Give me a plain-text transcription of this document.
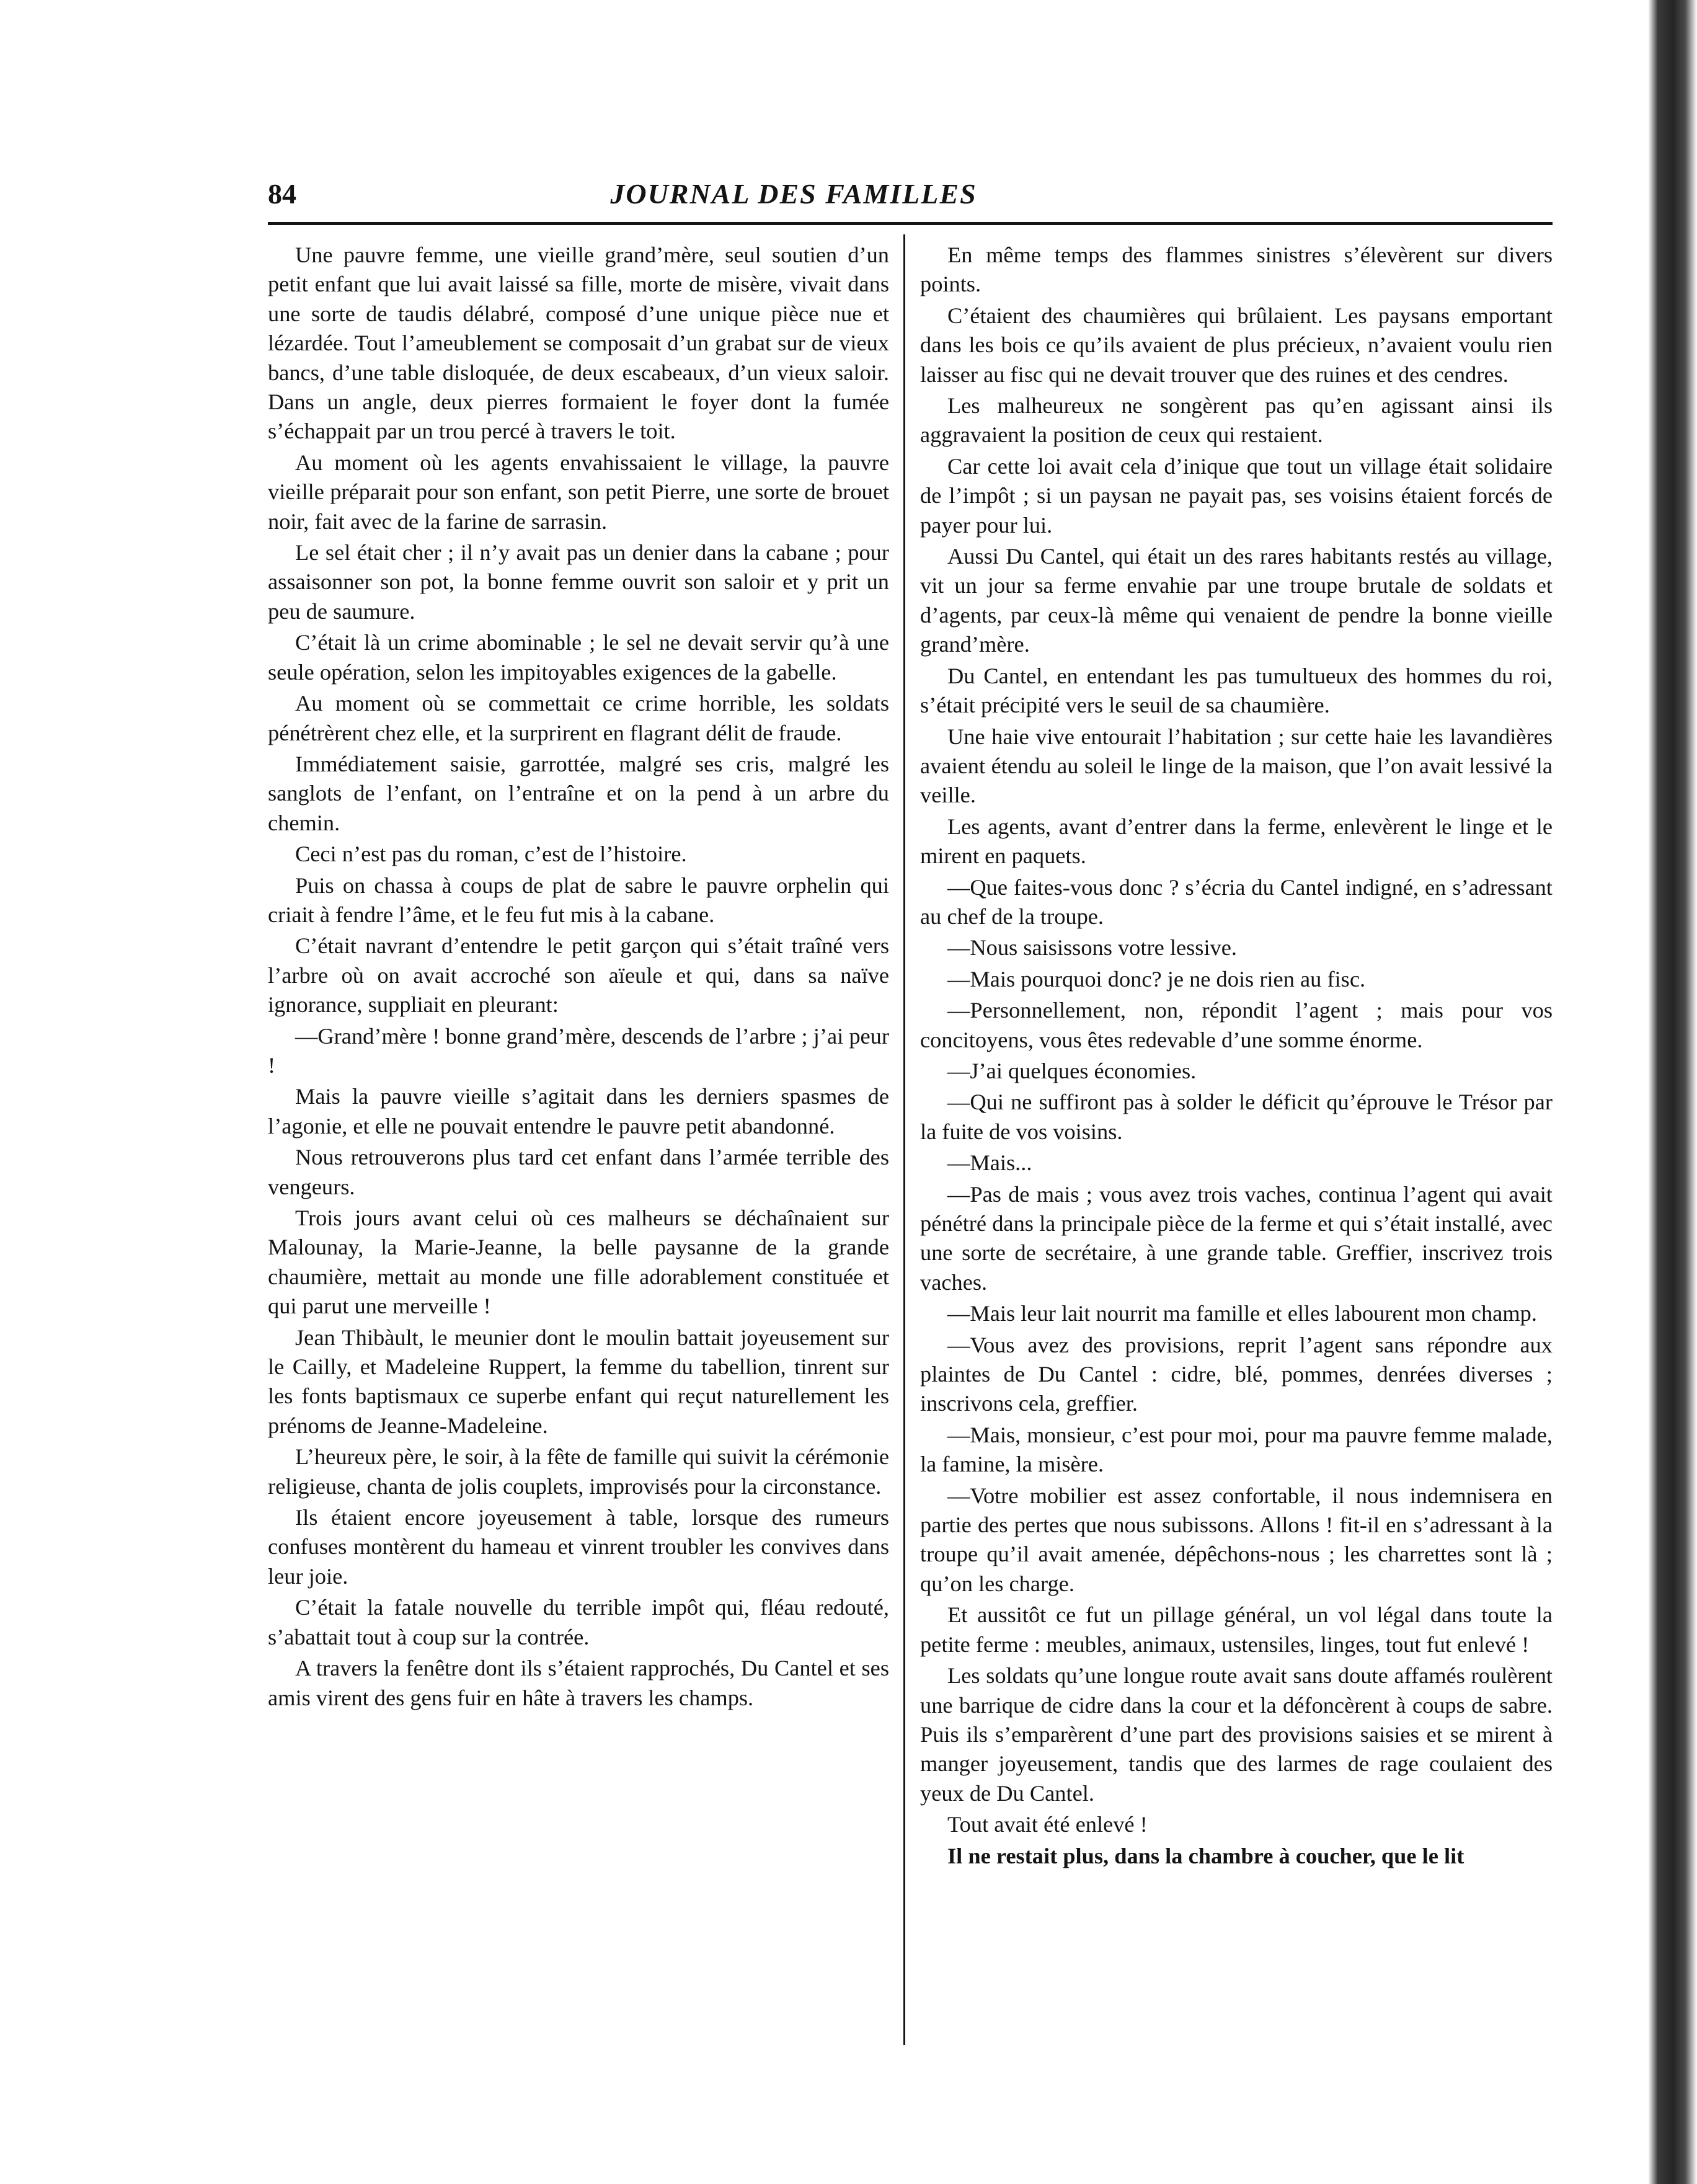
84	JOURNAL DES FAMILLES

Une pauvre femme, une vieille grand’mère, seul soutien d’un petit enfant que lui avait laissé sa fille, morte de misère, vivait dans une sorte de taudis délabré, composé d’une unique pièce nue et lézardée. Tout l’ameublement se composait d’un grabat sur de vieux bancs, d’une table disloquée, de deux escabeaux, d’un vieux saloir. Dans un angle, deux pierres formaient le foyer dont la fumée s’échappait par un trou percé à travers le toit.

Au moment où les agents envahissaient le village, la pauvre vieille préparait pour son enfant, son petit Pierre, une sorte de brouet noir, fait avec de la farine de sarrasin.

Le sel était cher ; il n’y avait pas un denier dans la cabane ; pour assaisonner son pot, la bonne femme ouvrit son saloir et y prit un peu de saumure.

C’était là un crime abominable ; le sel ne devait servir qu’à une seule opération, selon les impitoyables exigences de la gabelle.

Au moment où se commettait ce crime horrible, les soldats pénétrèrent chez elle, et la surprirent en flagrant délit de fraude.

Immédiatement saisie, garrottée, malgré ses cris, malgré les sanglots de l’enfant, on l’entraîne et on la pend à un arbre du chemin.

Ceci n’est pas du roman, c’est de l’histoire.

Puis on chassa à coups de plat de sabre le pauvre orphelin qui criait à fendre l’âme, et le feu fut mis à la cabane.

C’était navrant d’entendre le petit garçon qui s’était traîné vers l’arbre où on avait accroché son aïeule et qui, dans sa naïve ignorance, suppliait en pleurant:

—Grand’mère ! bonne grand’mère, descends de l’arbre ; j’ai peur !

Mais la pauvre vieille s’agitait dans les derniers spasmes de l’agonie, et elle ne pouvait entendre le pauvre petit abandonné.

Nous retrouverons plus tard cet enfant dans l’armée terrible des vengeurs.

Trois jours avant celui où ces malheurs se déchaînaient sur Malounay, la Marie-Jeanne, la belle paysanne de la grande chaumière, mettait au monde une fille adorablement constituée et qui parut une merveille !

Jean Thibàult, le meunier dont le moulin battait joyeusement sur le Cailly, et Madeleine Ruppert, la femme du tabellion, tinrent sur les fonts baptismaux ce superbe enfant qui reçut naturellement les prénoms de Jeanne-Madeleine.

L’heureux père, le soir, à la fête de famille qui suivit la cérémonie religieuse, chanta de jolis couplets, improvisés pour la circonstance.

Ils étaient encore joyeusement à table, lorsque des rumeurs confuses montèrent du hameau et vinrent troubler les convives dans leur joie.

C’était la fatale nouvelle du terrible impôt qui, fléau redouté, s’abattait tout à coup sur la contrée.

A travers la fenêtre dont ils s’étaient rapprochés, Du Cantel et ses amis virent des gens fuir en hâte à travers les champs.

En même temps des flammes sinistres s’élevèrent sur divers points.

C’étaient des chaumières qui brûlaient. Les paysans emportant dans les bois ce qu’ils avaient de plus précieux, n’avaient voulu rien laisser au fisc qui ne devait trouver que des ruines et des cendres.

Les malheureux ne songèrent pas qu’en agissant ainsi ils aggravaient la position de ceux qui restaient.

Car cette loi avait cela d’inique que tout un village était solidaire de l’impôt ; si un paysan ne payait pas, ses voisins étaient forcés de payer pour lui.

Aussi Du Cantel, qui était un des rares habitants restés au village, vit un jour sa ferme envahie par une troupe brutale de soldats et d’agents, par ceux-là même qui venaient de pendre la bonne vieille grand’mère.

Du Cantel, en entendant les pas tumultueux des hommes du roi, s’était précipité vers le seuil de sa chaumière.

Une haie vive entourait l’habitation ; sur cette haie les lavandières avaient étendu au soleil le linge de la maison, que l’on avait lessivé la veille.

Les agents, avant d’entrer dans la ferme, enlevèrent le linge et le mirent en paquets.

—Que faites-vous donc ? s’écria du Cantel indigné, en s’adressant au chef de la troupe.

—Nous saisissons votre lessive.

—Mais pourquoi donc? je ne dois rien au fisc.

—Personnellement, non, répondit l’agent ; mais pour vos concitoyens, vous êtes redevable d’une somme énorme.

—J’ai quelques économies.

—Qui ne suffiront pas à solder le déficit qu’éprouve le Trésor par la fuite de vos voisins.

—Mais...

—Pas de mais ; vous avez trois vaches, continua l’agent qui avait pénétré dans la principale pièce de la ferme et qui s’était installé, avec une sorte de secrétaire, à une grande table. Greffier, inscrivez trois vaches.

—Mais leur lait nourrit ma famille et elles labourent mon champ.

—Vous avez des provisions, reprit l’agent sans répondre aux plaintes de Du Cantel : cidre, blé, pommes, denrées diverses ; inscrivons cela, greffier.

—Mais, monsieur, c’est pour moi, pour ma pauvre femme malade, la famine, la misère.

—Votre mobilier est assez confortable, il nous indemnisera en partie des pertes que nous subissons. Allons ! fit-il en s’adressant à la troupe qu’il avait amenée, dépêchons-nous ; les charrettes sont là ; qu’on les charge.

Et aussitôt ce fut un pillage général, un vol légal dans toute la petite ferme : meubles, animaux, ustensiles, linges, tout fut enlevé !

Les soldats qu’une longue route avait sans doute affamés roulèrent une barrique de cidre dans la cour et la défoncèrent à coups de sabre. Puis ils s’emparèrent d’une part des provisions saisies et se mirent à manger joyeusement, tandis que des larmes de rage coulaient des yeux de Du Cantel.

Tout avait été enlevé !

Il ne restait plus, dans la chambre à coucher, que le lit
